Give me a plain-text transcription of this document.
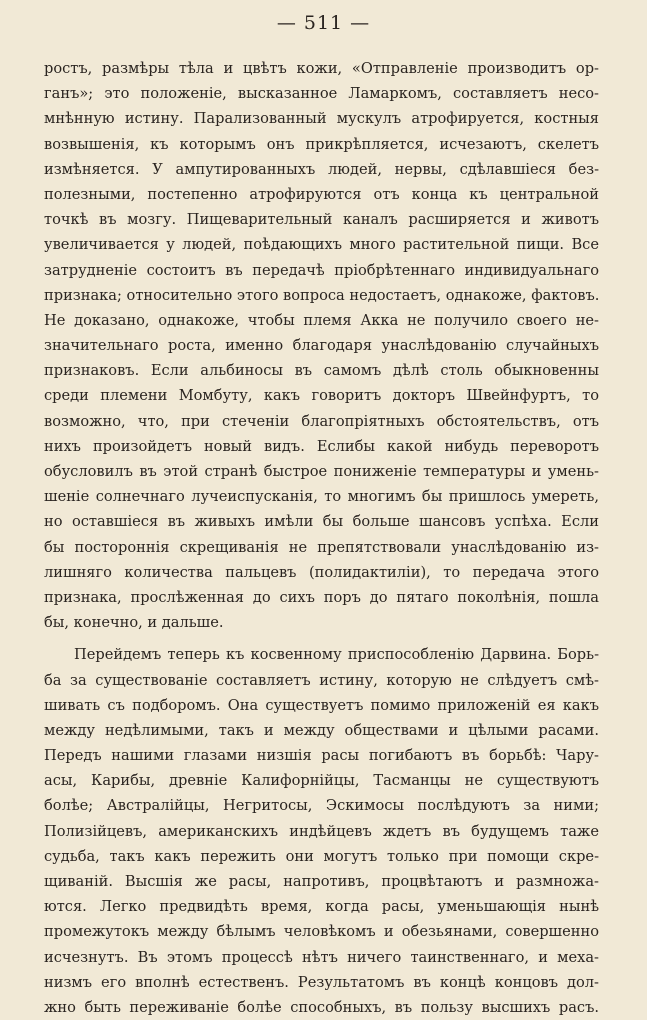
— 511 —
ростъ, размѣры тѣла и цвѣтъ кожи, «Отправленіе производитъ ор-
ганъ»; это положеніе, высказанное Ламаркомъ, составляетъ несо-
мнѣнную истину. Парализованный мускулъ атрофируется, костныя
возвышенія, къ которымъ онъ прикрѣпляется, исчезаютъ, скелетъ
измѣняется. У ампутированныхъ людей, нервы, сдѣлавшіеся без-
полезными, постепенно атрофируются отъ конца къ центральной
точкѣ въ мозгу. Пищеварительный каналъ расширяется и животъ
увеличивается у людей, поѣдающихъ много растительной пищи. Все
затрудненіе состоитъ въ передачѣ пріобрѣтеннаго индивидуальнаго
признака; относительно этого вопроса недостаетъ, однакоже, фактовъ.
Не доказано, однакоже, чтобы племя Акка не получило своего не-
значительнаго роста, именно благодаря унаслѣдованію случайныхъ
признаковъ. Если альбиносы въ самомъ дѣлѣ столь обыкновенны
среди племени Момбуту, какъ говоритъ докторъ Швейнфуртъ, то
возможно, что, при стеченіи благопріятныхъ обстоятельствъ, отъ
нихъ произойдетъ новый видъ. Еслибы какой нибудь переворотъ
обусловилъ въ этой странѣ быстрое пониженіе температуры и умень-
шеніе солнечнаго лучеиспусканія, то многимъ бы пришлось умереть,
но оставшіеся въ живыхъ имѣли бы больше шансовъ успѣха. Если
бы постороннія скрещиванія не препятствовали унаслѣдованію из-
лишняго количества пальцевъ (полидактиліи), то передача этого
признака, прослѣженная до сихъ поръ до пятаго поколѣнія, пошла
бы, конечно, и дальше.
Перейдемъ теперь къ косвенному приспособленію Дарвина. Борь-
ба за существованіе составляетъ истину, которую не слѣдуетъ смѣ-
шивать съ подборомъ. Она существуетъ помимо приложеній ея какъ
между недѣлимыми, такъ и между обществами и цѣлыми расами.
Передъ нашими глазами низшія расы погибаютъ въ борьбѣ: Чару-
асы, Карибы, древніе Калифорнійцы, Тасманцы не существуютъ
болѣе; Австралійцы, Негритосы, Эскимосы послѣдуютъ за ними;
Полизійцевъ, американскихъ индѣйцевъ ждетъ въ будущемъ таже
судьба, такъ какъ пережить они могутъ только при помощи скре-
щиваній. Высшія же расы, напротивъ, процвѣтаютъ и размножа-
ются. Легко предвидѣть время, когда расы, уменьшающія нынѣ
промежутокъ между бѣлымъ человѣкомъ и обезьянами, совершенно
исчезнутъ. Въ этомъ процессѣ нѣтъ ничего таинственнаго, и меха-
низмъ его вполнѣ естественъ. Результатомъ въ концѣ концовъ дол-
жно быть переживаніе болѣе способныхъ, въ пользу высшихъ расъ.
